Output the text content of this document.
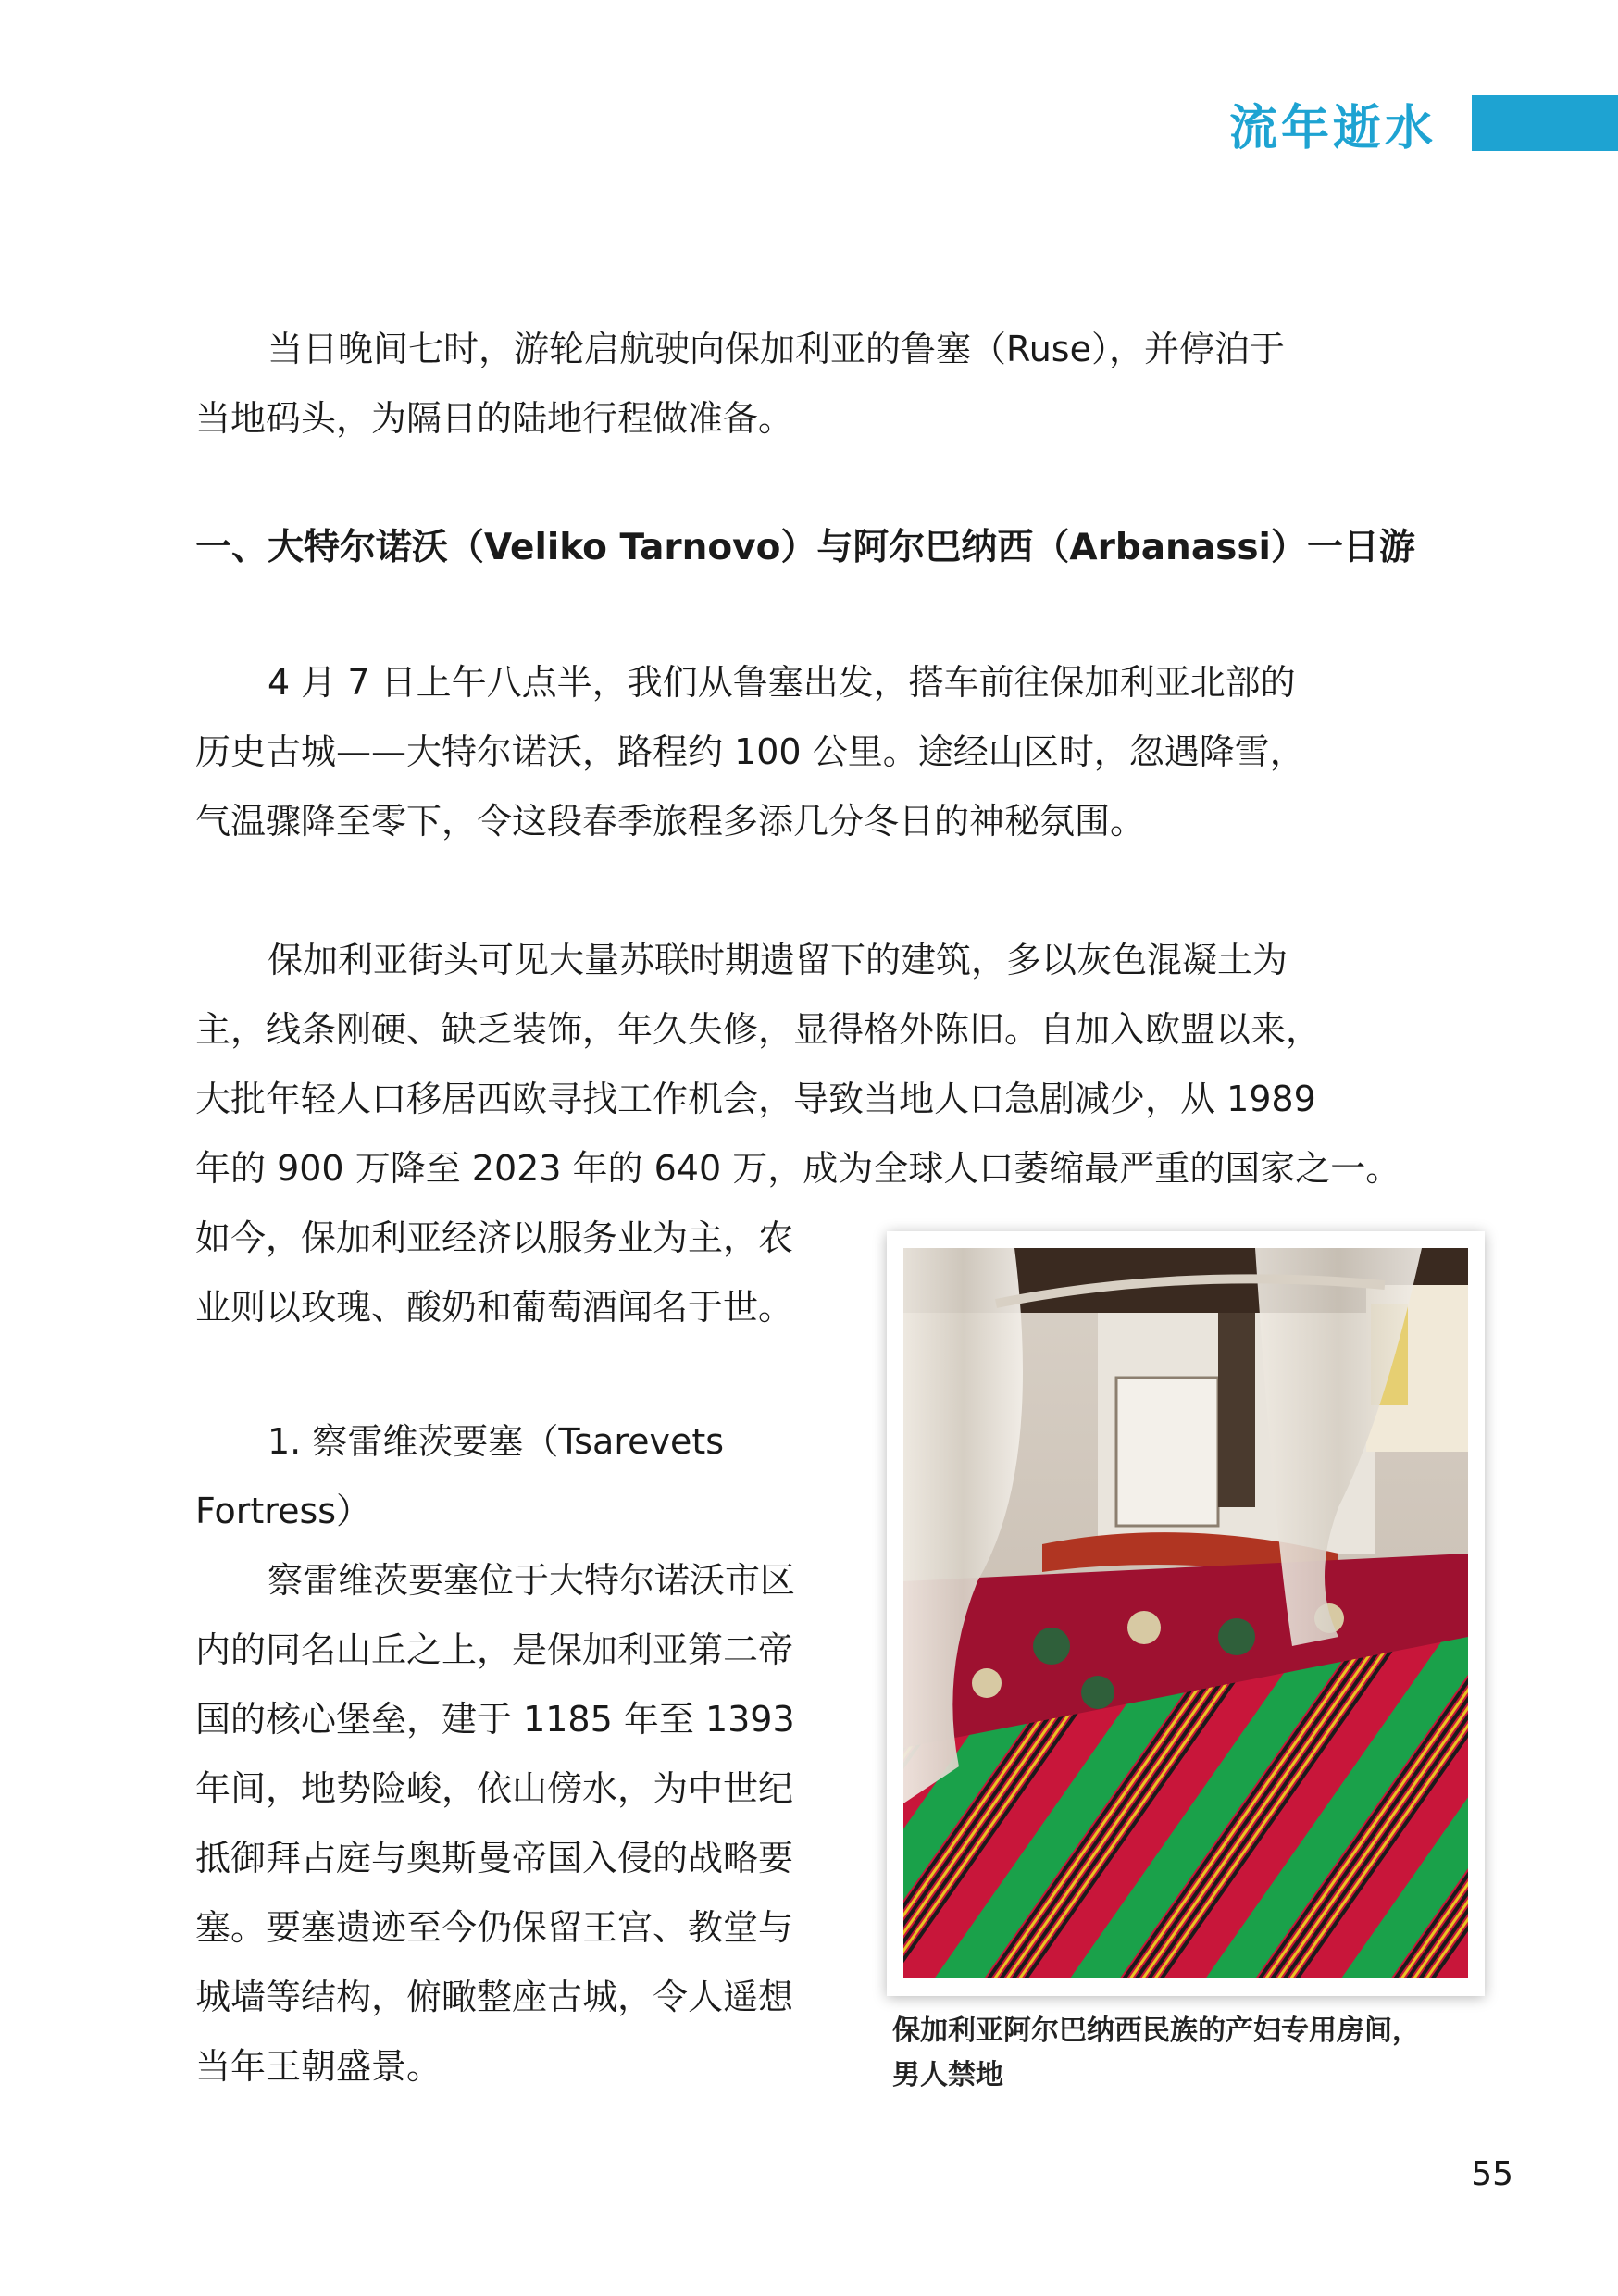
流年逝水

当日晚间七时，游轮启航驶向保加利亚的鲁塞（Ruse），并停泊于
当地码头，为隔日的陆地行程做准备。

一、大特尔诺沃（Veliko Tarnovo）与阿尔巴纳西（Arbanassi）一日游

4 月 7 日上午八点半，我们从鲁塞出发，搭车前往保加利亚北部的
历史古城——大特尔诺沃，路程约 100 公里。途经山区时，忽遇降雪，
气温骤降至零下，令这段春季旅程多添几分冬日的神秘氛围。

保加利亚街头可见大量苏联时期遗留下的建筑，多以灰色混凝土为
主，线条刚硬、缺乏装饰，年久失修，显得格外陈旧。自加入欧盟以来，
大批年轻人口移居西欧寻找工作机会，导致当地人口急剧减少，从 1989
年的 900 万降至 2023 年的 640 万，成为全球人口萎缩最严重的国家之一。
如今，保加利亚经济以服务业为主，农
业则以玫瑰、酸奶和葡萄酒闻名于世。

1. 察雷维茨要塞（Tsarevets
Fortress）

察雷维茨要塞位于大特尔诺沃市区
内的同名山丘之上，是保加利亚第二帝
国的核心堡垒，建于 1185 年至 1393
年间，地势险峻，依山傍水，为中世纪
抵御拜占庭与奥斯曼帝国入侵的战略要
塞。要塞遗迹至今仍保留王宫、教堂与
城墙等结构，俯瞰整座古城，令人遥想
当年王朝盛景。

保加利亚阿尔巴纳西民族的产妇专用房间，
男人禁地

55
